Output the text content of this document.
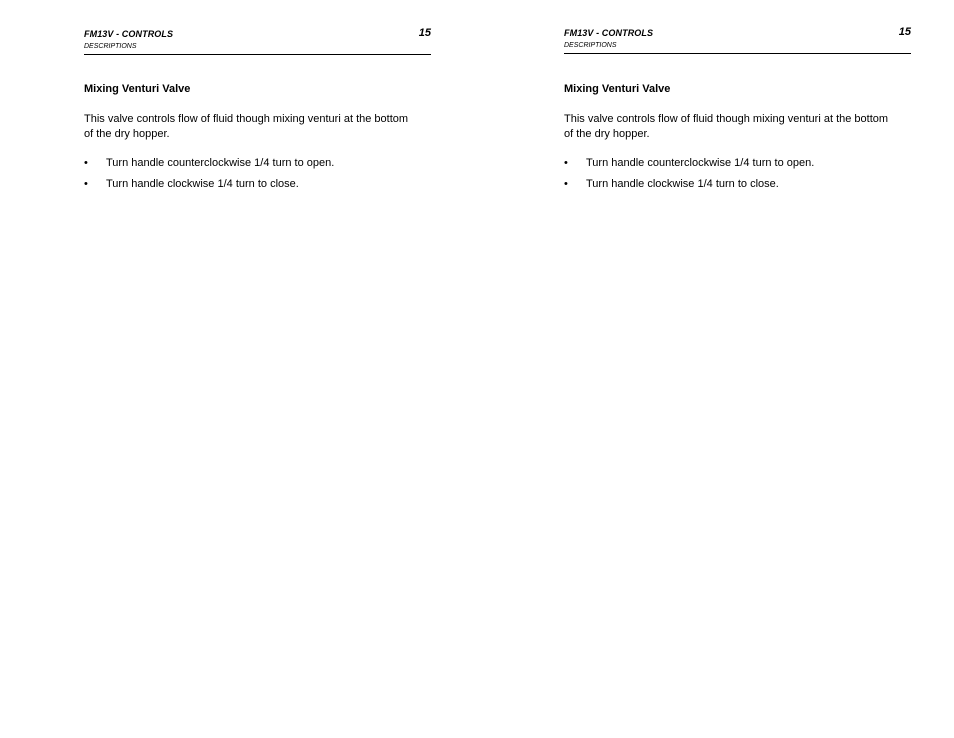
FM13V - CONTROLS
DESCRIPTIONS
15
Mixing Venturi Valve
This valve controls flow of fluid though mixing venturi at the bottom of the dry hopper.
• Turn handle counterclockwise 1/4 turn to open.
• Turn handle clockwise 1/4 turn to close.
FM13V - CONTROLS
DESCRIPTIONS
15
Mixing Venturi Valve
This valve controls flow of fluid though mixing venturi at the bottom of the dry hopper.
• Turn handle counterclockwise 1/4 turn to open.
• Turn handle clockwise 1/4 turn to close.
